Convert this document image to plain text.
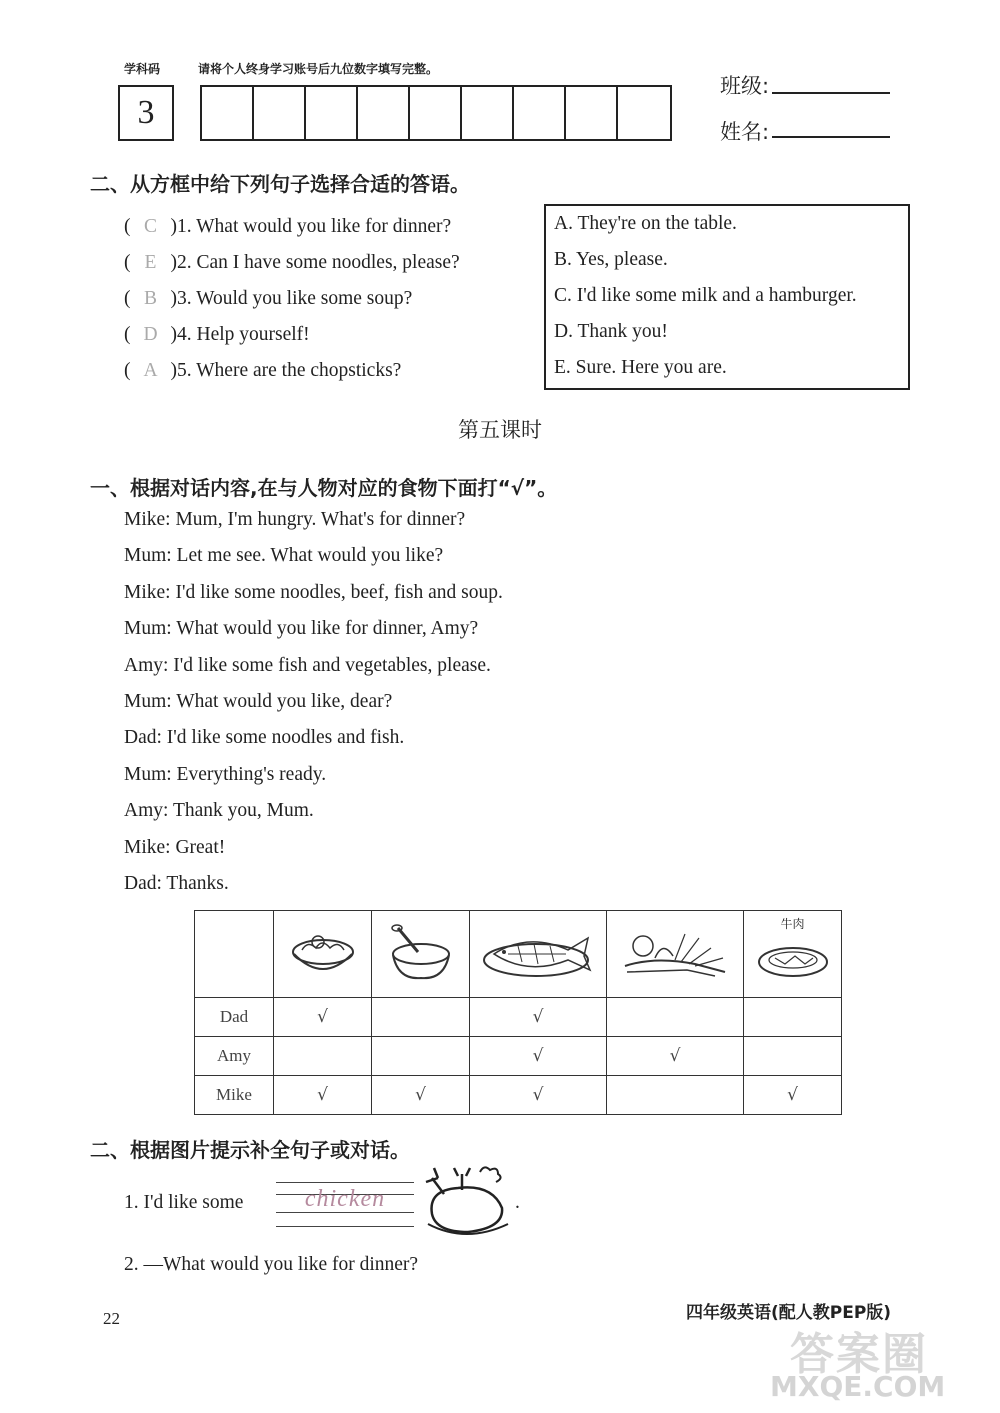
学科码	请将个人终身学习账号后九位数字填写完整。
3
班级:
姓名:
二、从方框中给下列句子选择合适的答语。
( C )1. What would you like for dinner?
( E )2. Can I have some noodles, please?
( B )3. Would you like some soup?
( D )4. Help yourself!
( A )5. Where are the chopsticks?
A. They're on the table.
B. Yes, please.
C. I'd like some milk and a hamburger.
D. Thank you!
E. Sure. Here you are.
第五课时
一、根据对话内容,在与人物对应的食物下面打“√”。
Mike: Mum, I'm hungry. What's for dinner?
Mum: Let me see. What would you like?
Mike: I'd like some noodles, beef, fish and soup.
Mum: What would you like for dinner, Amy?
Amy: I'd like some fish and vegetables, please.
Mum: What would you like, dear?
Dad: I'd like some noodles and fish.
Mum: Everything's ready.
Amy: Thank you, Mum.
Mike: Great!
Dad: Thanks.

牛肉

Dad	√		√		
Amy			√	√	
Mike	√	√	√		√
二、根据图片提示补全句子或对话。
1. I'd like some	chicken	.
2. —What would you like for dinner?
22	四年级英语(配人教PEP版)
答案圈
MXQE.COM
